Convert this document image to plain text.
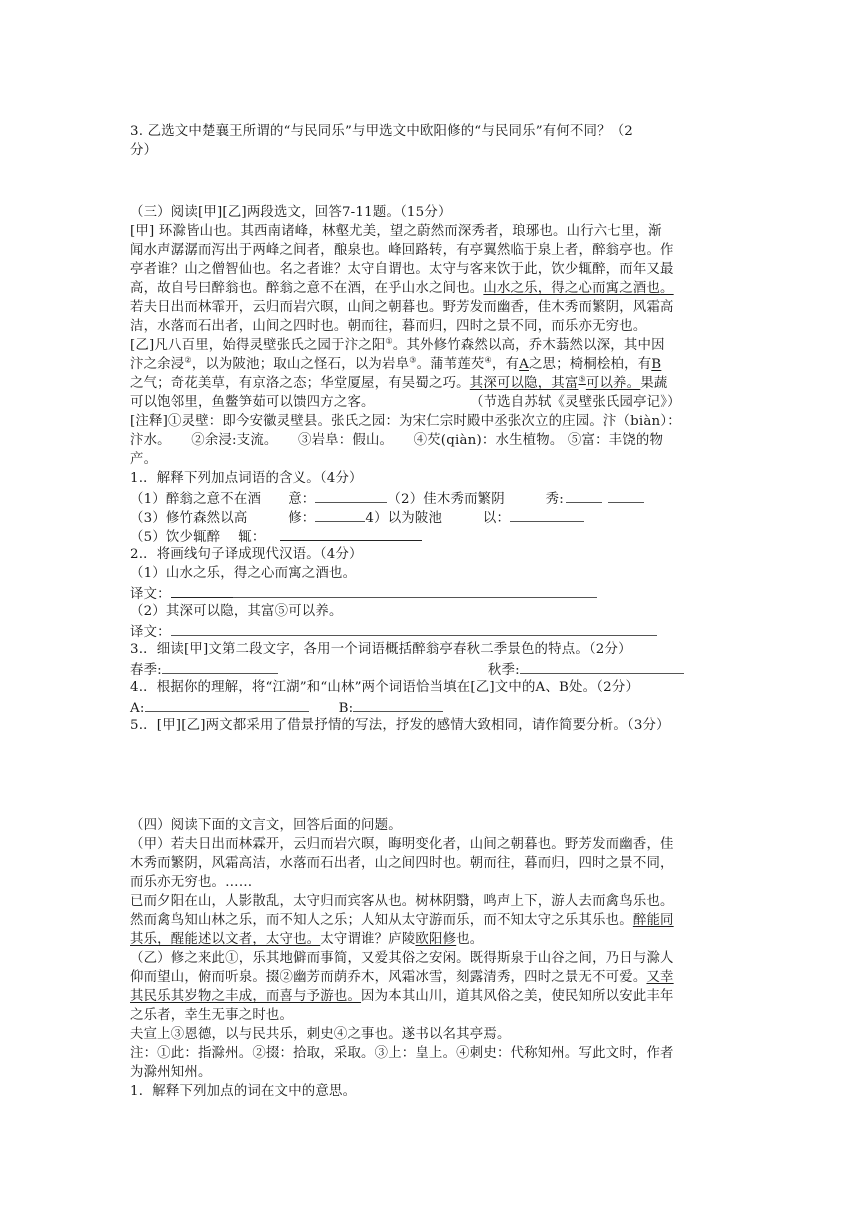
3. 乙选文中楚襄王所谓的“与民同乐”与甲选文中欧阳修的“与民同乐”有何不同？（2
分）
（三）阅读[甲][乙]两段选文，回答7-11题。（15分）
[甲] 环滁皆山也。其西南诸峰，林壑尤美，望之蔚然而深秀者，琅琊也。山行六七里，渐
闻水声潺潺而泻出于两峰之间者，酿泉也。峰回路转，有亭翼然临于泉上者，醉翁亭也。作
亭者谁？山之僧智仙也。名之者谁？太守自谓也。太守与客来饮于此，饮少辄醉，而年又最
高，故自号曰醉翁也。醉翁之意不在酒，在乎山水之间也。山水之乐，得之心而寓之酒也。
若夫日出而林霏开，云归而岩穴暝，山间之朝暮也。野芳发而幽香，佳木秀而繁阴，风霜高
洁，水落而石出者，山间之四时也。朝而往，暮而归，四时之景不同，而乐亦无穷也。
[乙]凡八百里，始得灵壁张氏之园于汴之阳①。其外修竹森然以高，乔木蓊然以深，其中因
汴之余浸②，以为陂池；取山之怪石，以为岩阜③。蒲苇莲芡④，有A之思；椅桐桧柏，有B
之气；奇花美草，有京洛之态；华堂厦屋，有吴蜀之巧。其深可以隐，其富⑤可以养。果蔬
可以饱邻里，鱼鳖笋茹可以馈四方之客。	（节选自苏轼《灵壁张氏园亭记》）
[注释]①灵壁：即今安徽灵壁县。张氏之园：为宋仁宗时殿中丞张次立的庄园。汴（biàn）：
汴水。　　②余浸:支流。　　③岩阜：假山。　　④芡(qiàn)：水生植物。 ⑤富：丰饶的物
产。
1.．解释下列加点词语的含义。（4分）
（1）醉翁之意不在酒　　意：	（2）佳木秀而繁阴　　　秀:
（3）修竹森然以高　　　修：	4）以为陂池　　　以：
（5）饮少辄醉　 辄：
2.．将画线句子译成现代汉语。（4分）
（1）山水之乐，得之心而寓之酒也。
译文：
（2）其深可以隐，其富⑤可以养。
译文：
3.．细读[甲]文第二段文字，各用一个词语概括醉翁亭春秋二季景色的特点。（2分）
春季:	秋季:
4.．根据你的理解，将“江湖”和“山林”两个词语恰当填在[乙]文中的A、B处。（2分）
A:	B:
5.．[甲][乙]两文都采用了借景抒情的写法，抒发的感情大致相同，请作简要分析。（3分）
（四）阅读下面的文言文，回答后面的问题。
（甲）若夫日出而林霖开，云归而岩穴暝，晦明变化者，山间之朝暮也。野芳发而幽香，佳
木秀而繁阴，风霜高洁，水落而石出者，山之间四时也。朝而往，暮而归，四时之景不同，
而乐亦无穷也。……
已而夕阳在山，人影散乱，太守归而宾客从也。树林阴翳，鸣声上下，游人去而禽鸟乐也。
然而禽鸟知山林之乐，而不知人之乐；人知从太守游而乐，而不知太守之乐其乐也。醉能同
其乐，醒能述以文者，太守也。太守谓谁？庐陵欧阳修也。
（乙）修之来此①，乐其地僻而事简，又爱其俗之安闲。既得斯泉于山谷之间，乃日与滁人
仰而望山，俯而听泉。掇②幽芳而荫乔木，风霜冰雪，刻露清秀，四时之景无不可爱。又幸
其民乐其岁物之丰成，而喜与予游也。因为本其山川，道其风俗之美，使民知所以安此丰年
之乐者，幸生无事之时也。
夫宣上③恩德，以与民共乐，刺史④之事也。遂书以名其亭焉。
注：①此：指滁州。②掇：拾取，采取。③上：皇上。④刺史：代称知州。写此文时，作者
为滁州知州。
1．解释下列加点的词在文中的意思。
